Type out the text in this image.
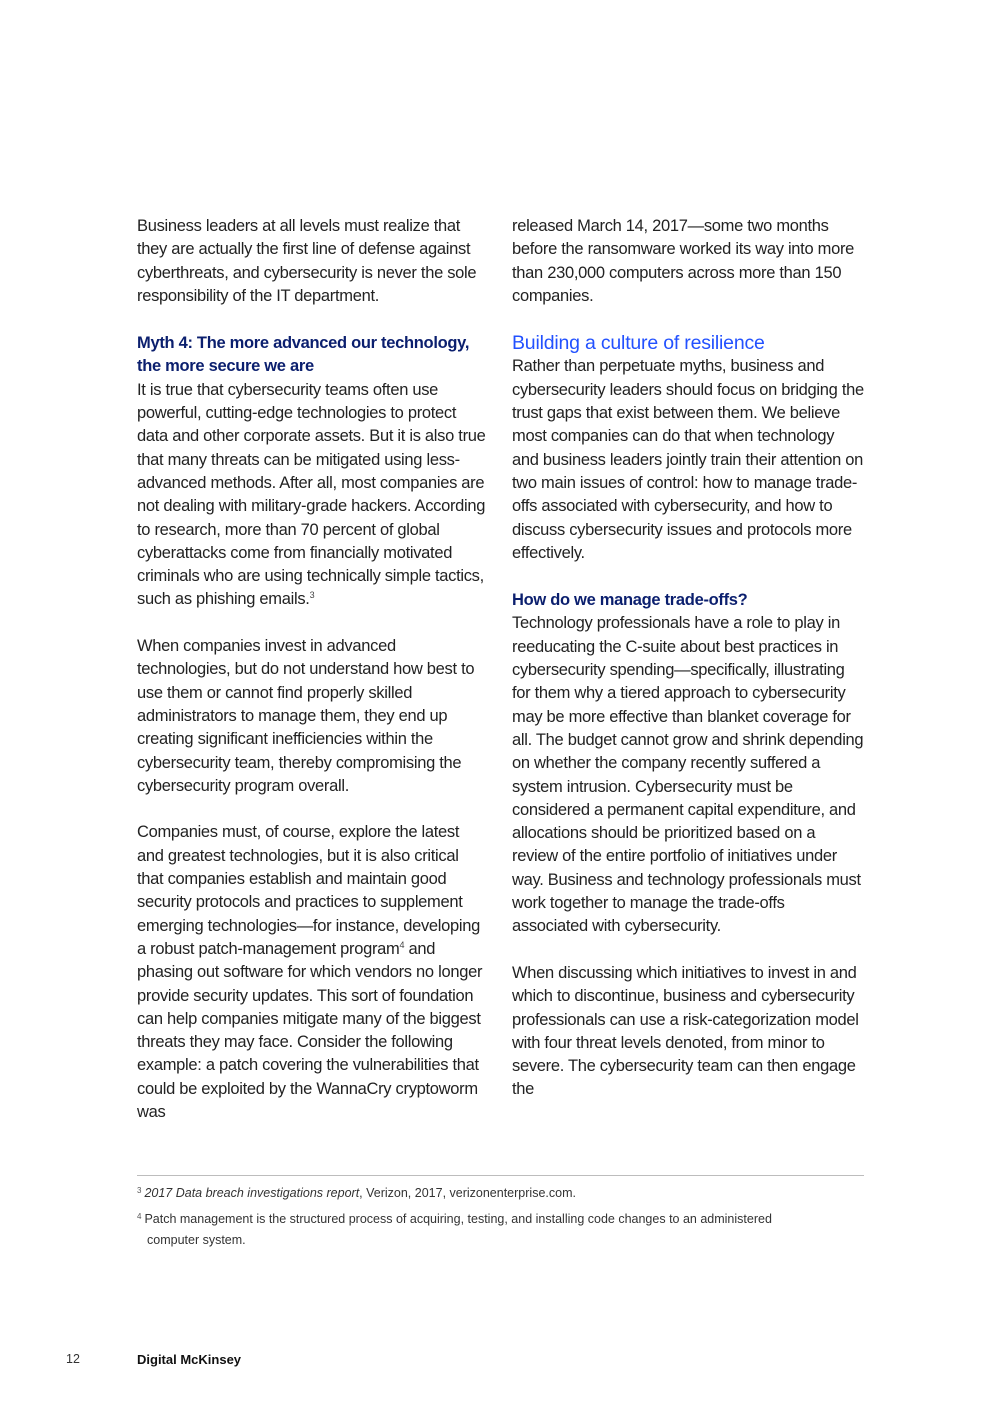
Business leaders at all levels must realize that they are actually the first line of defense against cyberthreats, and cybersecurity is never the sole responsibility of the IT department.

Myth 4: The more advanced our technology, the more secure we are

It is true that cybersecurity teams often use powerful, cutting-edge technologies to protect data and other corporate assets. But it is also true that many threats can be mitigated using less-advanced methods. After all, most companies are not dealing with military-grade hackers. According to research, more than 70 percent of global cyberattacks come from financially motivated criminals who are using technically simple tactics, such as phishing emails.$^3$

When companies invest in advanced technologies, but do not understand how best to use them or cannot find properly skilled administrators to manage them, they end up creating significant inefficiencies within the cybersecurity team, thereby compromising the cybersecurity program overall.

Companies must, of course, explore the latest and greatest technologies, but it is also critical that companies establish and maintain good security protocols and practices to supplement emerging technologies—for instance, developing a robust patch-management program$^4$ and phasing out software for which vendors no longer provide security updates. This sort of foundation can help companies mitigate many of the biggest threats they may face. Consider the following example: a patch covering the vulnerabilities that could be exploited by the WannaCry cryptoworm was

released March 14, 2017—some two months before the ransomware worked its way into more than 230,000 computers across more than 150 companies.

Building a culture of resilience

Rather than perpetuate myths, business and cybersecurity leaders should focus on bridging the trust gaps that exist between them. We believe most companies can do that when technology and business leaders jointly train their attention on two main issues of control: how to manage trade-offs associated with cybersecurity, and how to discuss cybersecurity issues and protocols more effectively.

How do we manage trade-offs?

Technology professionals have a role to play in reeducating the C-suite about best practices in cybersecurity spending—specifically, illustrating for them why a tiered approach to cybersecurity may be more effective than blanket coverage for all. The budget cannot grow and shrink depending on whether the company recently suffered a system intrusion. Cybersecurity must be considered a permanent capital expenditure, and allocations should be prioritized based on a review of the entire portfolio of initiatives under way. Business and technology professionals must work together to manage the trade-offs associated with cybersecurity.

When discussing which initiatives to invest in and which to discontinue, business and cybersecurity professionals can use a risk-categorization model with four threat levels denoted, from minor to severe. The cybersecurity team can then engage the

$^3$ 2017 Data breach investigations report, Verizon, 2017, verizonenterprise.com.

$^4$ Patch management is the structured process of acquiring, testing, and installing code changes to an administered
computer system.

12	Digital McKinsey
